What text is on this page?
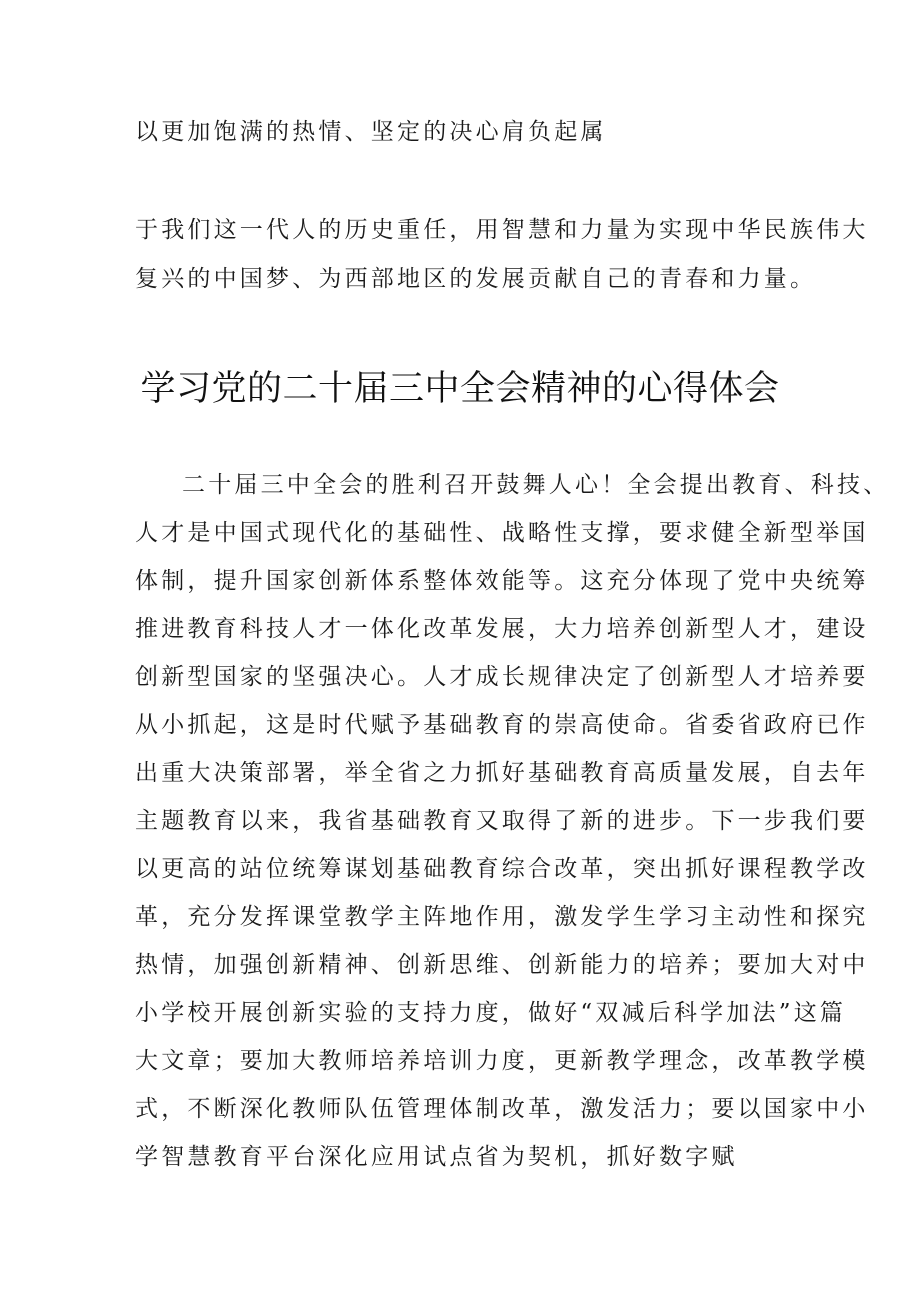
以更加饱满的热情、坚定的决心肩负起属

于我们这一代人的历史重任，用智慧和力量为实现中华民族伟大

复兴的中国梦、为西部地区的发展贡献自己的青春和力量。

学习党的二十届三中全会精神的心得体会

二十届三中全会的胜利召开鼓舞人心！全会提出教育、科技、

人才是中国式现代化的基础性、战略性支撑，要求健全新型举国

体制，提升国家创新体系整体效能等。这充分体现了党中央统筹

推进教育科技人才一体化改革发展，大力培养创新型人才，建设

创新型国家的坚强决心。人才成长规律决定了创新型人才培养要

从小抓起，这是时代赋予基础教育的崇高使命。省委省政府已作

出重大决策部署，举全省之力抓好基础教育高质量发展，自去年

主题教育以来，我省基础教育又取得了新的进步。下一步我们要

以更高的站位统筹谋划基础教育综合改革，突出抓好课程教学改

革，充分发挥课堂教学主阵地作用，激发学生学习主动性和探究

热情，加强创新精神、创新思维、创新能力的培养；要加大对中

小学校开展创新实验的支持力度，做好“双减后科学加法”这篇

大文章；要加大教师培养培训力度，更新教学理念，改革教学模

式，不断深化教师队伍管理体制改革，激发活力；要以国家中小

学智慧教育平台深化应用试点省为契机，抓好数字赋
